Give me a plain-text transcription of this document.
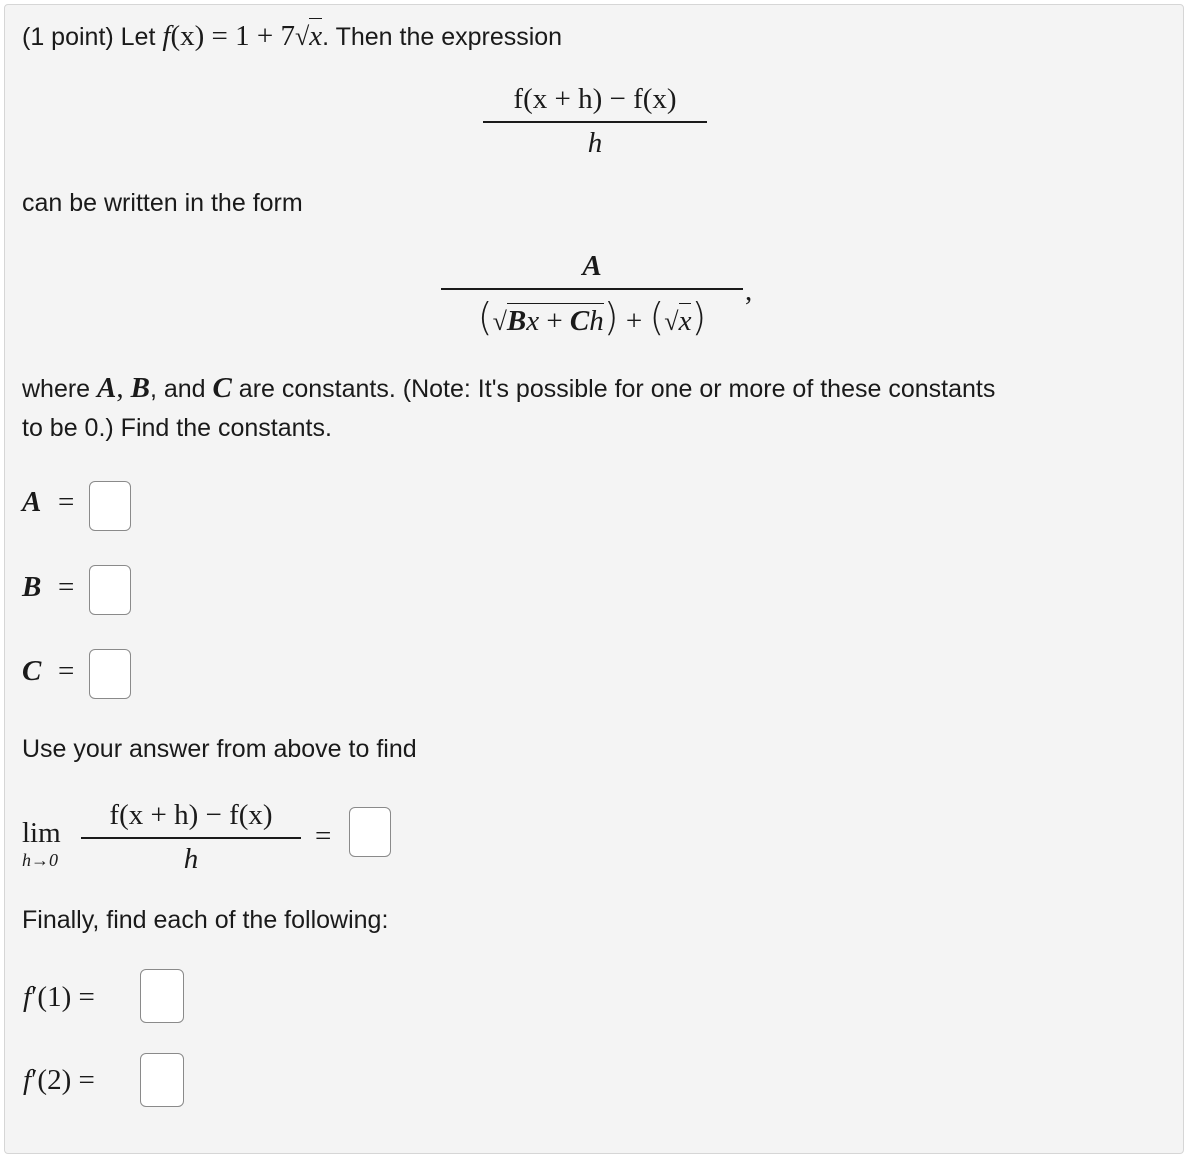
(1 point) Let f(x) = 1 + 7√x. Then the expression
f(x + h) − f(x)
h
can be written in the form
A
(√Bx + Ch) + (√x)
,
where A, B, and C are constants. (Note: It's possible for one or more of these constants
to be 0.) Find the constants.
A =
B =
C =
Use your answer from above to find
lim
h→0
f(x + h) − f(x)
h
=
Finally, find each of the following:
f′(1) =
f′(2) =
